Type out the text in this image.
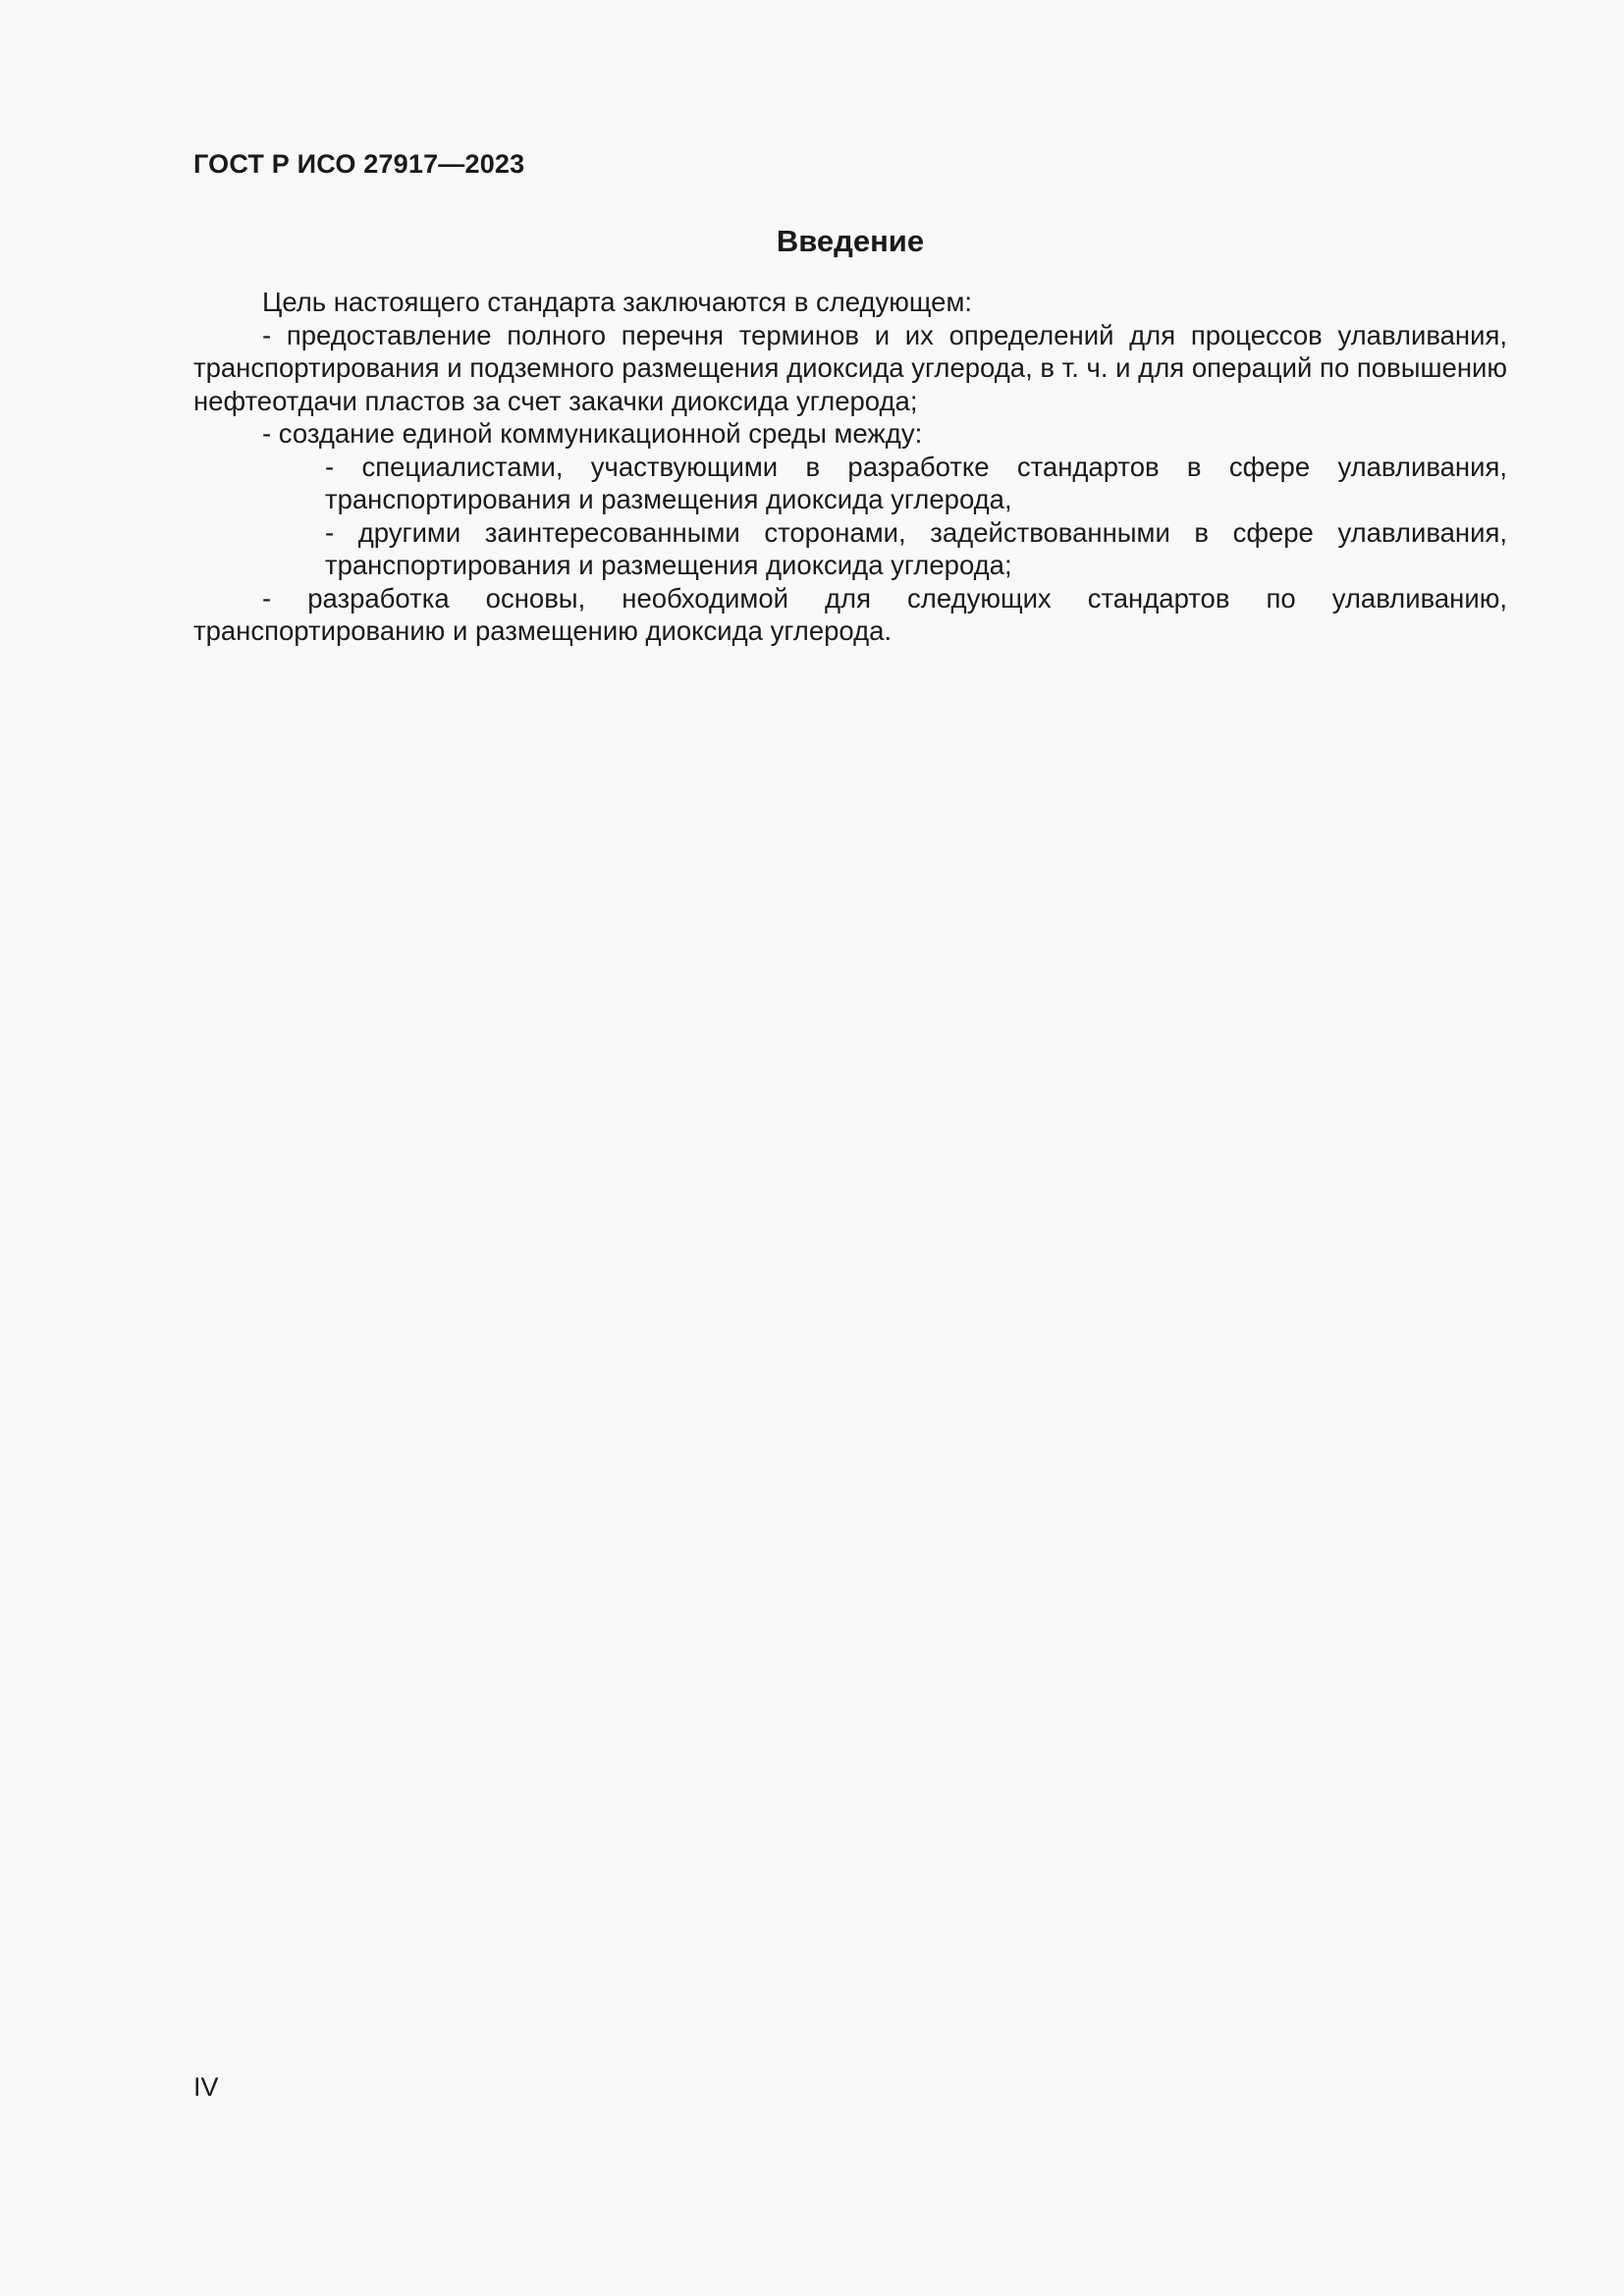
ГОСТ Р ИСО 27917—2023
Введение

Цель настоящего стандарта заключаются в следующем:

- предоставление полного перечня терминов и их определений для процессов улавливания, транспортирования и подземного размещения диоксида углерода, в т. ч. и для операций по повышению нефтеотдачи пластов за счет закачки диоксида углерода;

- создание единой коммуникационной среды между:

- специалистами, участвующими в разработке стандартов в сфере улавливания, транспортирования и размещения диоксида углерода,

- другими заинтересованными сторонами, задействованными в сфере улавливания, транспортирования и размещения диоксида углерода;

- разработка основы, необходимой для следующих стандартов по улавливанию, транспортированию и размещению диоксида углерода.

IV
